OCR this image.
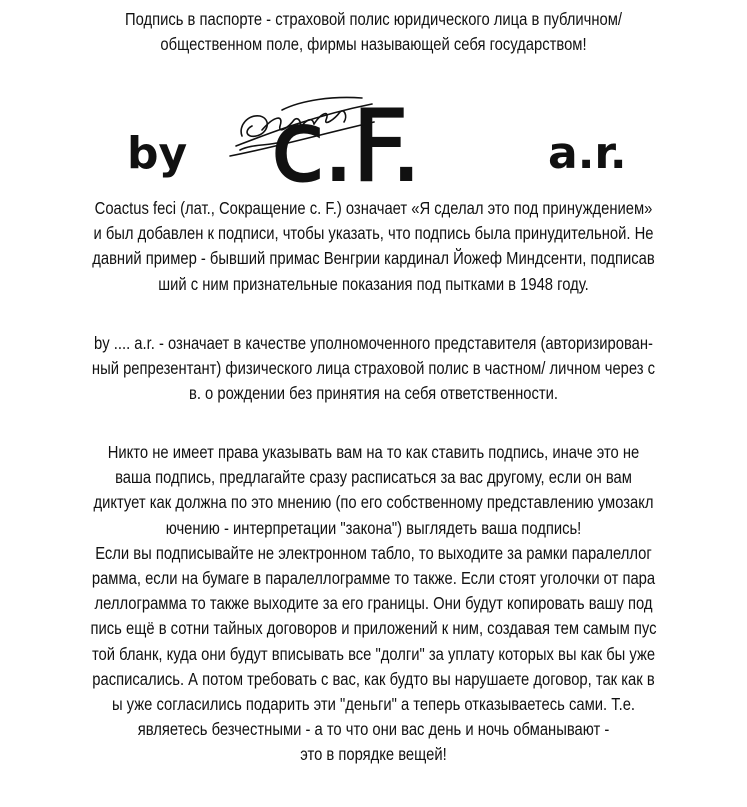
Подпись в паспорте - страховой полис юридического лица в публичном/
общественном поле, фирмы называющей себя государством!
by c.F.	a.r.
Coactus feci (лат., Сокращение c. F.) означает «Я сделал это под принуждением»
и был добавлен к подписи, чтобы указать, что подпись была принудительной. Не
давний пример - бывший примас Венгрии кардинал Йожеф Миндсенти, подписав
ший с ним признательные показания под пытками в 1948 году.
by .... a.r. - означает в качестве уполномоченного представителя (авторизирован-
ный репрезентант) физического лица страховой полис в частном/ личном через с
в. о рождении без принятия на себя ответственности.
Никто не имеет права указывать вам на то как ставить подпись, иначе это не
ваша подпись, предлагайте сразу расписаться за вас другому, если он вам
диктует как должна по это мнению (по его собственному представлению умозакл
ючению - интерпретации "закона") выглядеть ваша подпись!
Если вы подписывайте не электронном табло, то выходите за рамки паралеллог
рамма, если на бумаге в паралеллограмме то также. Если стоят уголочки от пара
леллограмма то также выходите за его границы. Они будут копировать вашу под
пись ещё в сотни тайных договоров и приложений к ним, создавая тем самым пус
той бланк, куда они будут вписывать все "долги" за уплату которых вы как бы уже
расписались. А потом требовать с вас, как будто вы нарушаете договор, так как в
ы уже согласились подарить эти "деньги" а теперь отказываетесь сами. Т.е.
являетесь безчестными - а то что они вас день и ночь обманывают -
это в порядке вещей!
